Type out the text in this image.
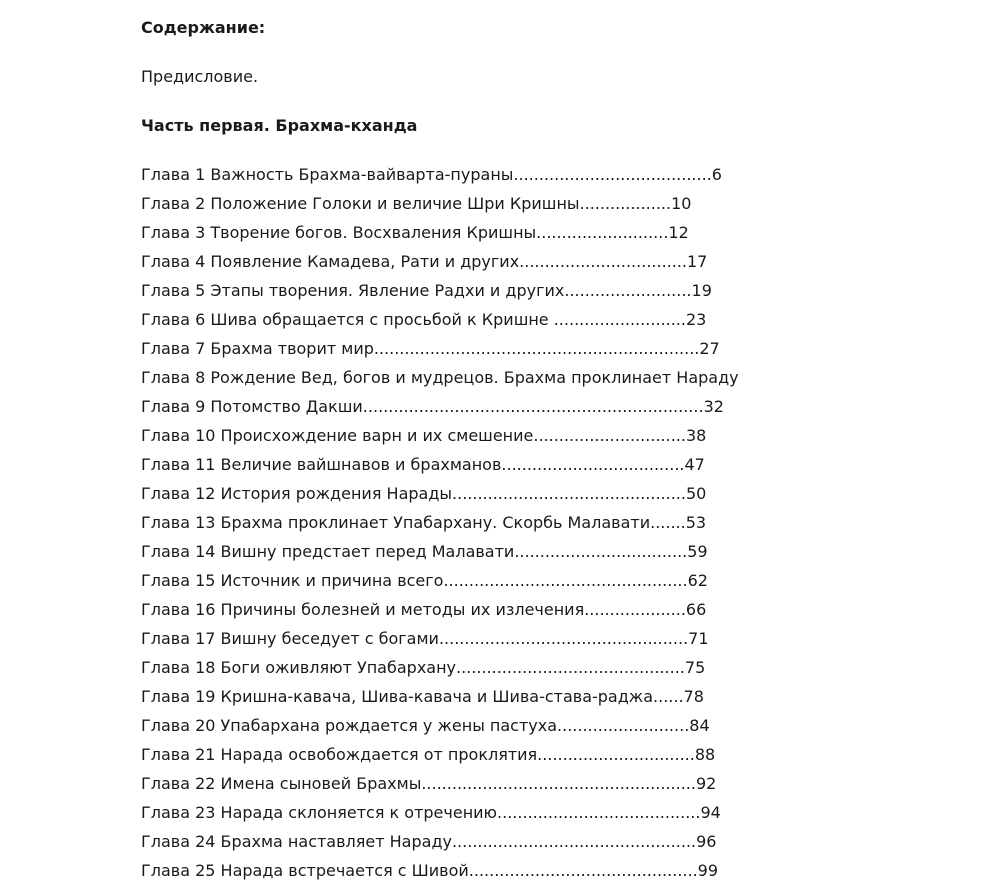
Содержание:
Предисловие.
Часть первая. Брахма-кханда
Глава 1 Важность Брахма-вайварта-пураны.......................................6
Глава 2 Положение Голоки и величие Шри Кришны..................10
Глава 3 Творение богов. Восхваления Кришны..........................12
Глава 4 Появление Камадева, Рати и других.................................17
Глава 5 Этапы творения. Явление Радхи и других.........................19
Глава 6 Шива обращается с просьбой к Кришне ..........................23
Глава 7 Брахма творит мир................................................................27
Глава 8 Рождение Вед, богов и мудрецов. Брахма проклинает Нараду
Глава 9 Потомство Дакши...................................................................32
Глава 10 Происхождение варн и их смешение..............................38
Глава 11 Величие вайшнавов и брахманов....................................47
Глава 12 История рождения Нарады..............................................50
Глава 13 Брахма проклинает Упабархану. Скорбь Малавати.......53
Глава 14 Вишну предстает перед Малавати..................................59
Глава 15 Источник и причина всего................................................62
Глава 16 Причины болезней и методы их излечения....................66
Глава 17 Вишну беседует с богами.................................................71
Глава 18 Боги оживляют Упабархану.............................................75
Глава 19 Кришна-кавача, Шива-кавача и Шива-става-раджа......78
Глава 20 Упабархана рождается у жены пастуха..........................84
Глава 21 Нарада освобождается от проклятия...............................88
Глава 22 Имена сыновей Брахмы......................................................92
Глава 23 Нарада склоняется к отречению........................................94
Глава 24 Брахма наставляет Нараду................................................96
Глава 25 Нарада встречается с Шивой.............................................99
